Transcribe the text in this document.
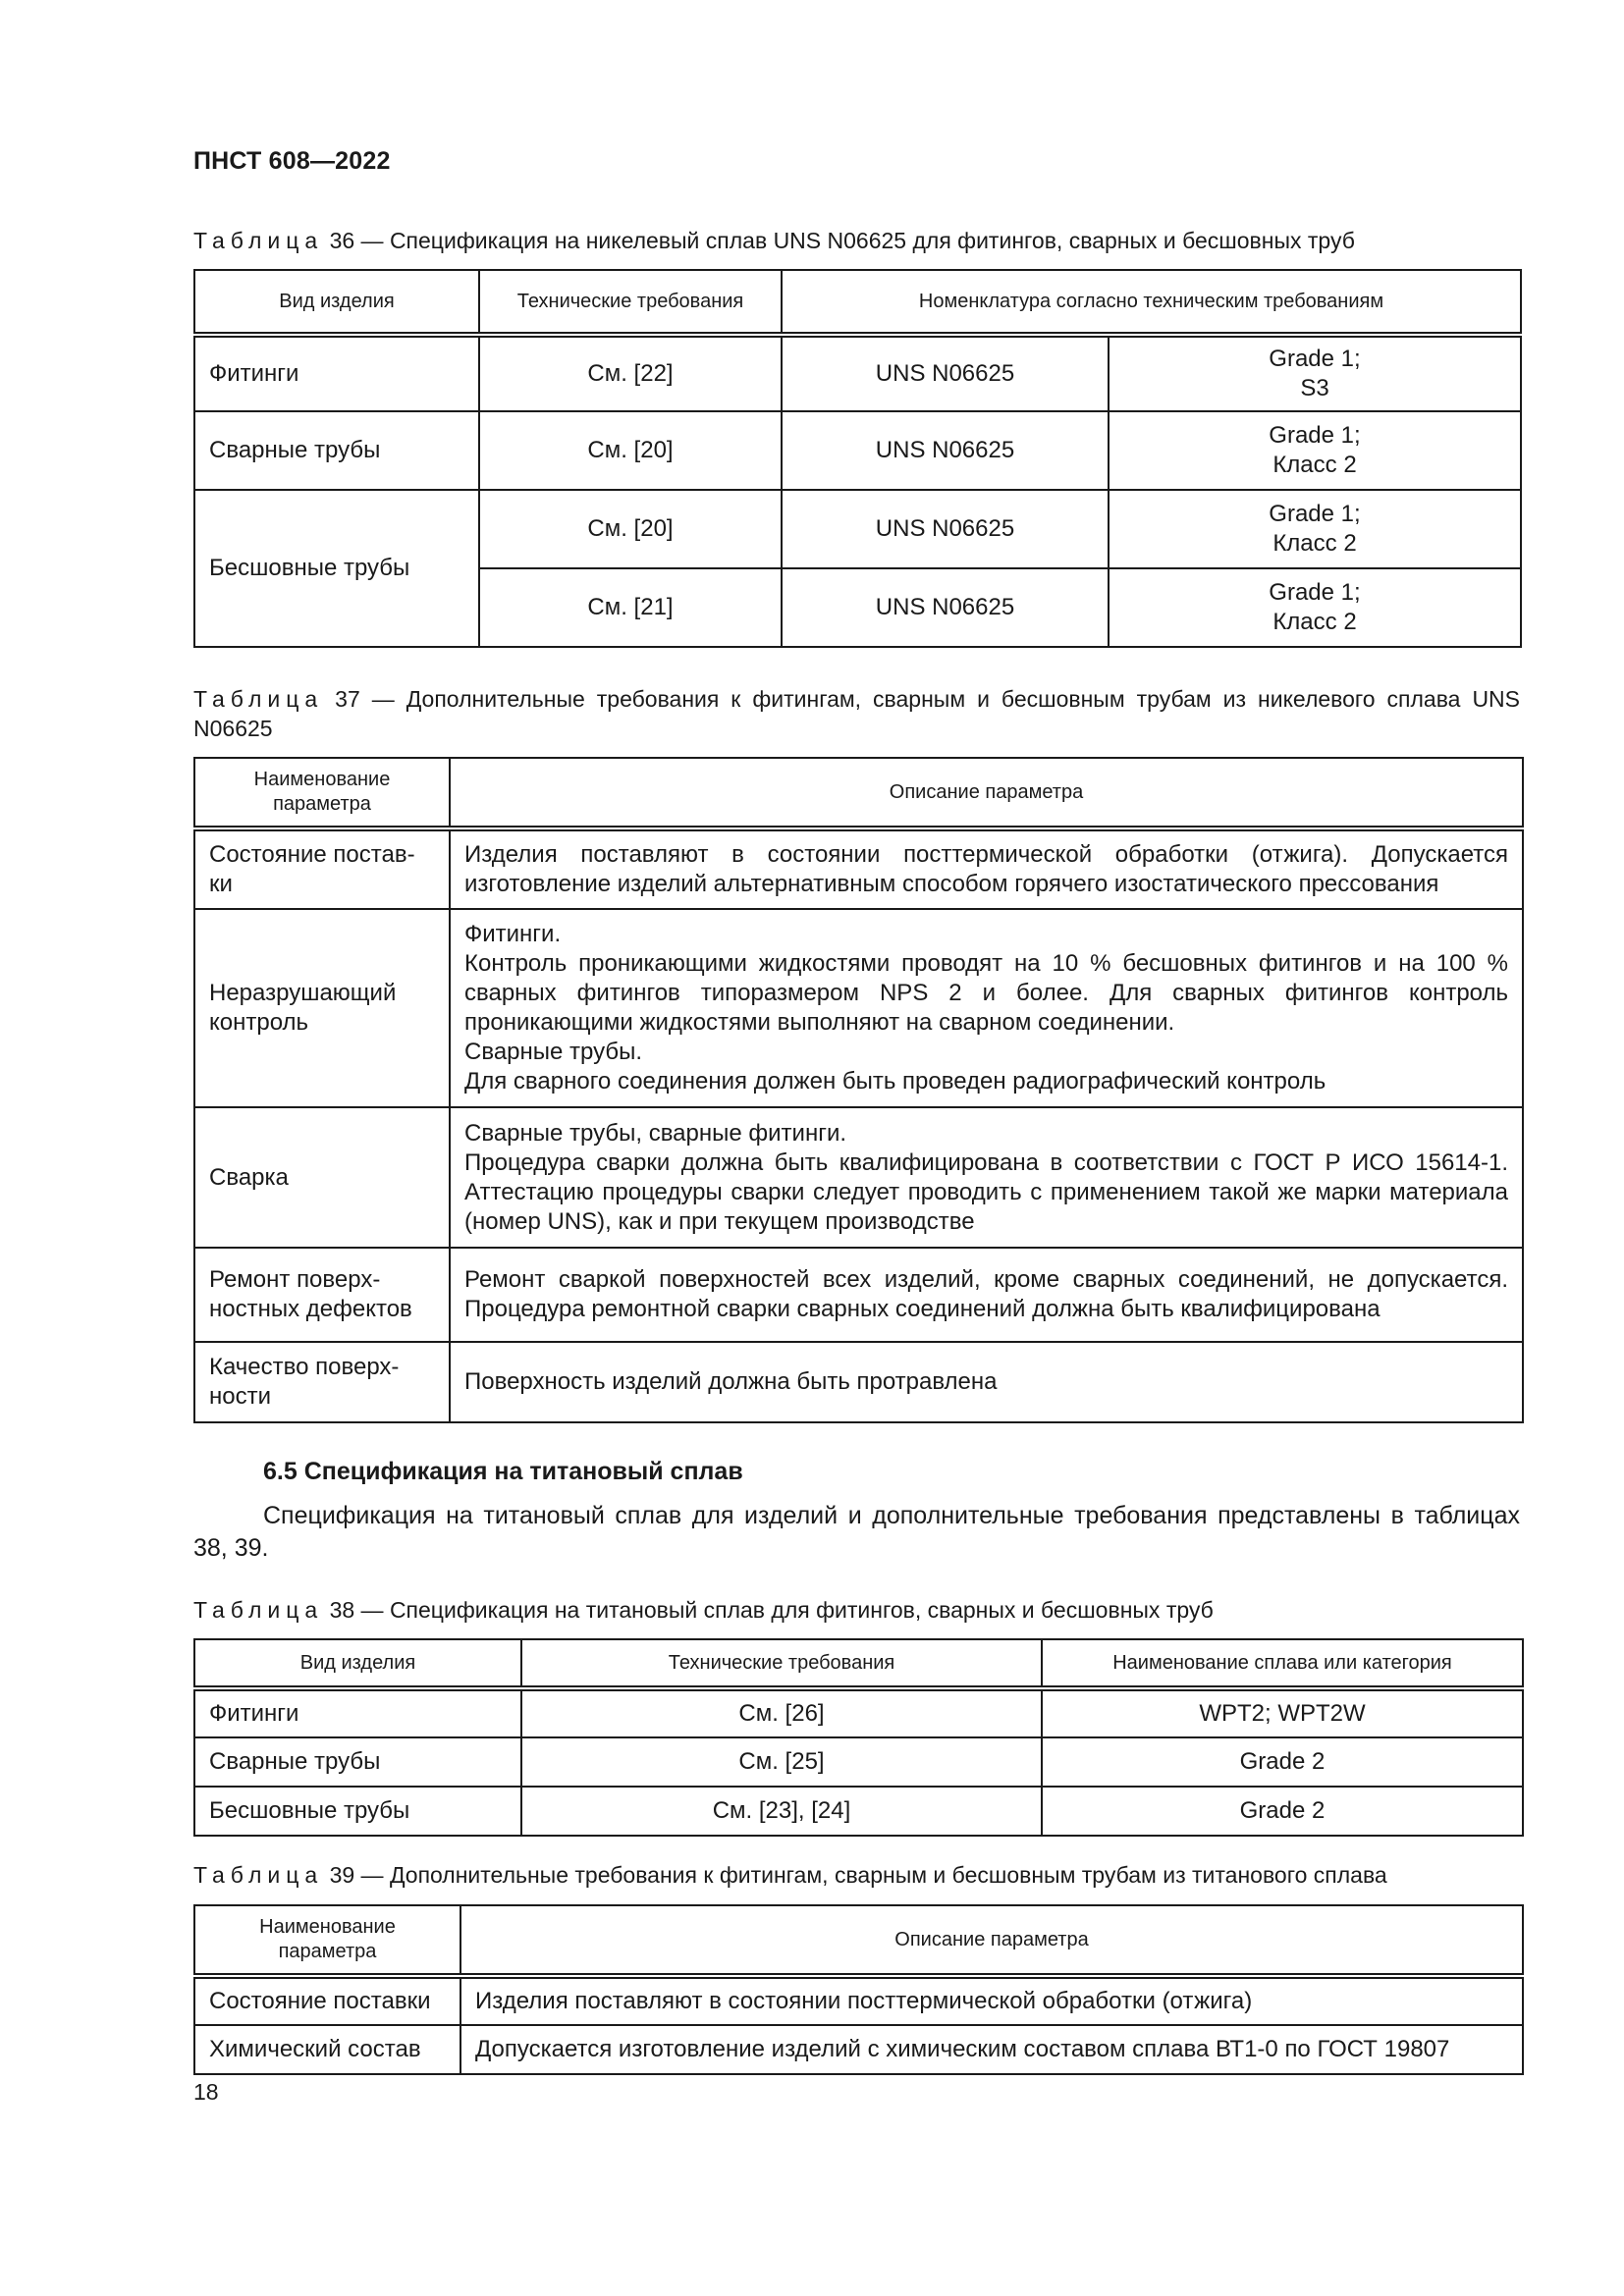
ПНСТ 608—2022
Таблица 36 — Спецификация на никелевый сплав UNS N06625 для фитингов, сварных и бесшовных труб
Вид изделия	Технические требования	Номенклатура согласно техническим требованиям	
Фитинги	См. [22]	UNS N06625	Grade 1;
S3
Сварные трубы	См. [20]	UNS N06625	Grade 1;
Класс 2
Бесшовные трубы	См. [20]	UNS N06625	Grade 1;
Класс 2
	См. [21]	UNS N06625	Grade 1;
Класс 2
Таблица 37 — Дополнительные требования к фитингам, сварным и бесшовным трубам из никелевого сплава UNS N06625
Наименование параметра	Описание параметра
Состояние постав-ки	Изделия поставляют в состоянии посттермической обработки (отжига). Допускается изготовление изделий альтернативным способом горячего изостатического прессования

Неразрушающий контроль	Фитинги.
Контроль проникающими жидкостями проводят на 10 % бесшовных фитингов и на 100 % сварных фитингов типоразмером NPS 2 и более. Для сварных фитингов контроль проникающими жидкостями выполняют на сварном соединении.
Сварные трубы.
Для сварного соединения должен быть проведен радиографический контроль

Сварка	Сварные трубы, сварные фитинги.
Процедура сварки должна быть квалифицирована в соответствии с ГОСТ Р ИСО 15614-1. Аттестацию процедуры сварки следует проводить с применением такой же марки материала (номер UNS), как и при текущем производстве

Ремонт поверх-ностных дефектов	Ремонт сваркой поверхностей всех изделий, кроме сварных соединений, не допускается. Процедура ремонтной сварки сварных соединений должна быть квалифицирована

Качество поверх-ности	Поверхность изделий должна быть протравлена
6.5 Спецификация на титановый сплав
Спецификация на титановый сплав для изделий и дополнительные требования представлены в таблицах 38, 39.
Таблица 38 — Спецификация на титановый сплав для фитингов, сварных и бесшовных труб
Вид изделия	Технические требования	Наименование сплава или категория
Фитинги	См. [26]	WPT2; WPT2W
Сварные трубы	См. [25]	Grade 2
Бесшовные трубы	См. [23], [24]	Grade 2
Таблица 39 — Дополнительные требования к фитингам, сварным и бесшовным трубам из титанового сплава
Наименование параметра	Описание параметра
Состояние поставки	Изделия поставляют в состоянии посттермической обработки (отжига)
Химический состав	Допускается изготовление изделий с химическим составом сплава ВТ1-0 по ГОСТ 19807
18
